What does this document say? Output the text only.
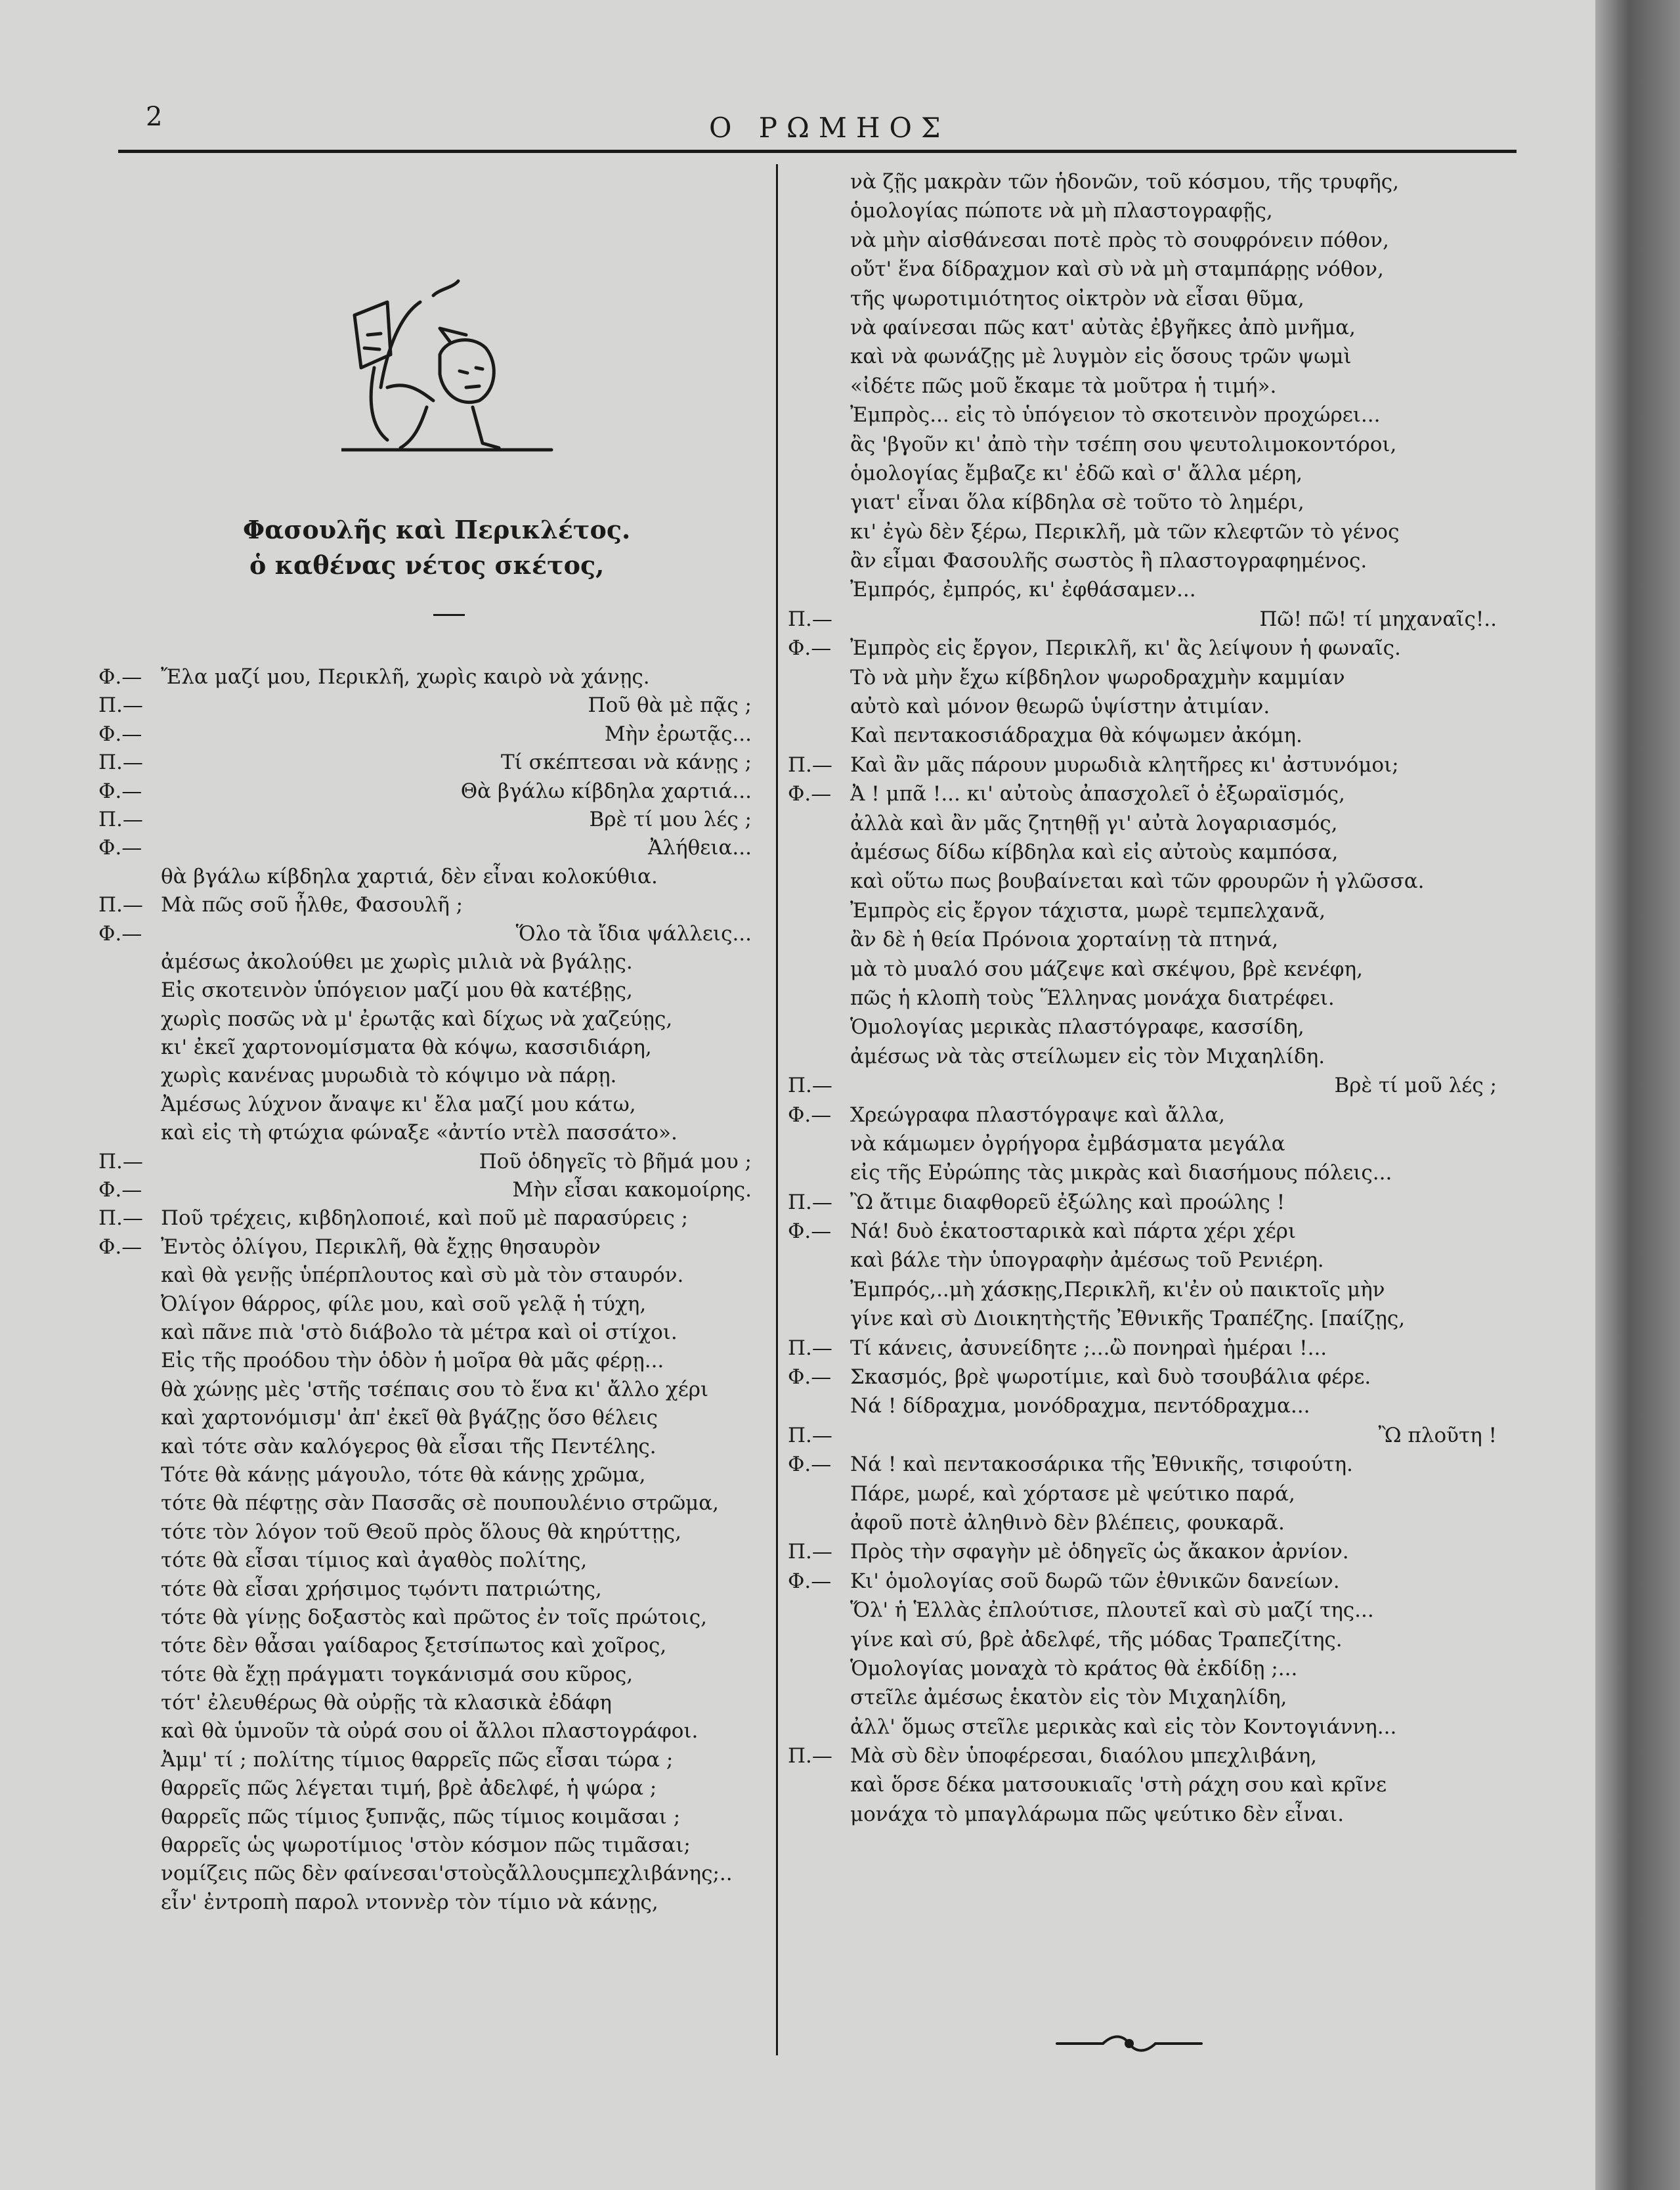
2	Ο ΡΩΜΗΟΣ
Φασουλῆς καὶ Περικλέτος.
ὁ καθένας νέτος σκέτος,
Φ.— Ἔλα μαζί μου, Περικλῆ, χωρὶς καιρὸ νὰ χάνῃς.
Π.—	Ποῦ θὰ μὲ πᾷς ;
Φ.—	Μὴν ἐρωτᾷς...
Π.—	Τί σκέπτεσαι νὰ κάνῃς ;
Φ.—	Θὰ βγάλω κίβδηλα χαρτιά...
Π.—	Βρὲ τί μου λές ;
Φ.—	Ἀλήθεια...
θὰ βγάλω κίβδηλα χαρτιά, δὲν εἶναι κολοκύθια.
Π.— Μὰ πῶς σοῦ ἦλθε, Φασουλῆ ;
Φ.—	Ὅλο τὰ ἴδια ψάλλεις...
ἀμέσως ἀκολούθει με χωρὶς μιλιὰ νὰ βγάλῃς.
Εἰς σκοτεινὸν ὑπόγειον μαζί μου θὰ κατέβῃς,
χωρὶς ποσῶς νὰ μ' ἐρωτᾷς καὶ δίχως νὰ χαζεύῃς,
κι' ἐκεῖ χαρτονομίσματα θὰ κόψω, κασσιδιάρη,
χωρὶς κανένας μυρωδιὰ τὸ κόψιμο νὰ πάρῃ.
Ἀμέσως λύχνον ἄναψε κι' ἔλα μαζί μου κάτω,
καὶ εἰς τὴ φτώχια φώναξε «ἀντίο ντὲλ πασσάτο».
Π.—	Ποῦ ὁδηγεῖς τὸ βῆμά μου ;
Φ.—	Μὴν εἶσαι κακομοίρης.
Π.— Ποῦ τρέχεις, κιβδηλοποιέ, καὶ ποῦ μὲ παρασύρεις ;
Φ.— Ἐντὸς ὀλίγου, Περικλῆ, θὰ ἔχῃς θησαυρὸν
καὶ θὰ γενῇς ὑπέρπλουτος καὶ σὺ μὰ τὸν σταυρόν.
Ὀλίγον θάρρος, φίλε μου, καὶ σοῦ γελᾷ ἡ τύχη,
καὶ πᾶνε πιὰ 'στὸ διάβολο τὰ μέτρα καὶ οἱ στίχοι.
Εἰς τῆς προόδου τὴν ὁδὸν ἡ μοῖρα θὰ μᾶς φέρῃ...
θὰ χώνῃς μὲς 'στῆς τσέπαις σου τὸ ἕνα κι' ἄλλο χέρι
καὶ χαρτονόμισμ' ἀπ' ἐκεῖ θὰ βγάζῃς ὅσο θέλεις
καὶ τότε σὰν καλόγερος θὰ εἶσαι τῆς Πεντέλης.
Τότε θὰ κάνῃς μάγουλο, τότε θὰ κάνῃς χρῶμα,
τότε θὰ πέφτῃς σὰν Πασσᾶς σὲ πουπουλένιο στρῶμα,
τότε τὸν λόγον τοῦ Θεοῦ πρὸς ὅλους θὰ κηρύττῃς,
τότε θὰ εἶσαι τίμιος καὶ ἀγαθὸς πολίτης,
τότε θὰ εἶσαι χρήσιμος τῳόντι πατριώτης,
τότε θὰ γίνῃς δοξαστὸς καὶ πρῶτος ἐν τοῖς πρώτοις,
τότε δὲν θἆσαι γαίδαρος ξετσίπωτος καὶ χοῖρος,
τότε θὰ ἔχῃ πράγματι τογκάνισμά σου κῦρος,
τότ' ἐλευθέρως θὰ οὐρῇς τὰ κλασικὰ ἐδάφη
καὶ θὰ ὑμνοῦν τὰ οὐρά σου οἱ ἄλλοι πλαστογράφοι.
Ἀμμ' τί ; πολίτης τίμιος θαρρεῖς πῶς εἶσαι τώρα ;
θαρρεῖς πῶς λέγεται τιμή, βρὲ ἀδελφέ, ἡ ψώρα ;
θαρρεῖς πῶς τίμιος ξυπνᾷς, πῶς τίμιος κοιμᾶσαι ;
θαρρεῖς ὡς ψωροτίμιος 'στὸν κόσμον πῶς τιμᾶσαι;
νομίζεις πῶς δὲν φαίνεσαι'στοὺςἄλλουςμπεχλιβάνης;..
εἶν' ἐντροπὴ παρολ ντοννὲρ τὸν τίμιο νὰ κάνῃς,
νὰ ζῇς μακρὰν τῶν ἡδονῶν, τοῦ κόσμου, τῆς τρυφῆς,
ὁμολογίας πώποτε νὰ μὴ πλαστογραφῇς,
νὰ μὴν αἰσθάνεσαι ποτὲ πρὸς τὸ σουφρόνειν πόθον,
οὔτ' ἕνα δίδραχμον καὶ σὺ νὰ μὴ σταμπάρῃς νόθον,
τῆς ψωροτιμιότητος οἰκτρὸν νὰ εἶσαι θῦμα,
νὰ φαίνεσαι πῶς κατ' αὐτὰς ἐβγῆκες ἀπὸ μνῆμα,
καὶ νὰ φωνάζῃς μὲ λυγμὸν εἰς ὅσους τρῶν ψωμὶ
«ἰδέτε πῶς μοῦ ἔκαμε τὰ μοῦτρα ἡ τιμή».
Ἐμπρὸς... εἰς τὸ ὑπόγειον τὸ σκοτεινὸν προχώρει...
ἂς 'βγοῦν κι' ἀπὸ τὴν τσέπη σου ψευτολιμοκοντόροι,
ὁμολογίας ἔμβαζε κι' ἐδῶ καὶ σ' ἄλλα μέρη,
γιατ' εἶναι ὅλα κίβδηλα σὲ τοῦτο τὸ λημέρι,
κι' ἐγὼ δὲν ξέρω, Περικλῆ, μὰ τῶν κλεφτῶν τὸ γένος
ἂν εἶμαι Φασουλῆς σωστὸς ἢ πλαστογραφημένος.
Ἐμπρός, ἐμπρός, κι' ἐφθάσαμεν...
Π.—	Πῶ! πῶ! τί μηχαναῖς!..
Φ.— Ἐμπρὸς εἰς ἔργον, Περικλῆ, κι' ἂς λείψουν ἡ φωναῖς.
Τὸ νὰ μὴν ἔχω κίβδηλον ψωροδραχμὴν καμμίαν
αὐτὸ καὶ μόνον θεωρῶ ὑψίστην ἀτιμίαν.
Καὶ πεντακοσιάδραχμα θὰ κόψωμεν ἀκόμη.
Π.— Καὶ ἂν μᾶς πάρουν μυρωδιὰ κλητῆρες κι' ἀστυνόμοι;
Φ.— Ἀ ! μπᾶ !... κι' αὐτοὺς ἀπασχολεῖ ὁ ἐξωραϊσμός,
ἀλλὰ καὶ ἂν μᾶς ζητηθῇ γι' αὐτὰ λογαριασμός,
ἀμέσως δίδω κίβδηλα καὶ εἰς αὐτοὺς καμπόσα,
καὶ οὕτω πως βουβαίνεται καὶ τῶν φρουρῶν ἡ γλῶσσα.
Ἐμπρὸς εἰς ἔργον τάχιστα, μωρὲ τεμπελχανᾶ,
ἂν δὲ ἡ θεία Πρόνοια χορταίνῃ τὰ πτηνά,
μὰ τὸ μυαλό σου μάζεψε καὶ σκέψου, βρὲ κενέφη,
πῶς ἡ κλοπὴ τοὺς Ἕλληνας μονάχα διατρέφει.
Ὁμολογίας μερικὰς πλαστόγραφε, κασσίδη,
ἀμέσως νὰ τὰς στείλωμεν εἰς τὸν Μιχαηλίδη.
Π.—	Βρὲ τί μοῦ λές ;
Φ.— Χρεώγραφα πλαστόγραψε καὶ ἄλλα,
νὰ κάμωμεν ὀγρήγορα ἐμβάσματα μεγάλα
εἰς τῆς Εὐρώπης τὰς μικρὰς καὶ διασήμους πόλεις...
Π.— Ὢ ἄτιμε διαφθορεῦ ἐξώλης καὶ προώλης !
Φ.— Νά! δυὸ ἑκατοσταρικὰ καὶ πάρτα χέρι χέρι
καὶ βάλε τὴν ὑπογραφὴν ἀμέσως τοῦ Ρενιέρη.
Ἐμπρός,..μὴ χάσκῃς,Περικλῆ, κι'ἐν οὐ παικτοῖς μὴν
γίνε καὶ σὺ Διοικητὴςτῆς Ἐθνικῆς Τραπέζης. [παίζῃς,
Π.— Τί κάνεις, ἀσυνείδητε ;...ὢ πονηραὶ ἡμέραι !...
Φ.— Σκασμός, βρὲ ψωροτίμιε, καὶ δυὸ τσουβάλια φέρε.
Νά ! δίδραχμα, μονόδραχμα, πεντόδραχμα...
Π.—	Ὢ πλοῦτη !
Φ.— Νά ! καὶ πεντακοσάρικα τῆς Ἐθνικῆς, τσιφούτη.
Πάρε, μωρέ, καὶ χόρτασε μὲ ψεύτικο παρά,
ἀφοῦ ποτὲ ἀληθινὸ δὲν βλέπεις, φουκαρᾶ.
Π.— Πρὸς τὴν σφαγὴν μὲ ὁδηγεῖς ὡς ἄκακον ἀρνίον.
Φ.— Κι' ὁμολογίας σοῦ δωρῶ τῶν ἐθνικῶν δανείων.
Ὅλ' ἡ Ἑλλὰς ἐπλούτισε, πλουτεῖ καὶ σὺ μαζί της...
γίνε καὶ σύ, βρὲ ἀδελφέ, τῆς μόδας Τραπεζίτης.
Ὁμολογίας μοναχὰ τὸ κράτος θὰ ἐκδίδῃ ;...
στεῖλε ἀμέσως ἑκατὸν εἰς τὸν Μιχαηλίδη,
ἀλλ' ὅμως στεῖλε μερικὰς καὶ εἰς τὸν Κοντογιάννη...
Π.— Μὰ σὺ δὲν ὑποφέρεσαι, διαόλου μπεχλιβάνη,
καὶ ὅρσε δέκα ματσουκιαῖς 'στὴ ράχη σου καὶ κρῖνε
μονάχα τὸ μπαγλάρωμα πῶς ψεύτικο δὲν εἶναι.
